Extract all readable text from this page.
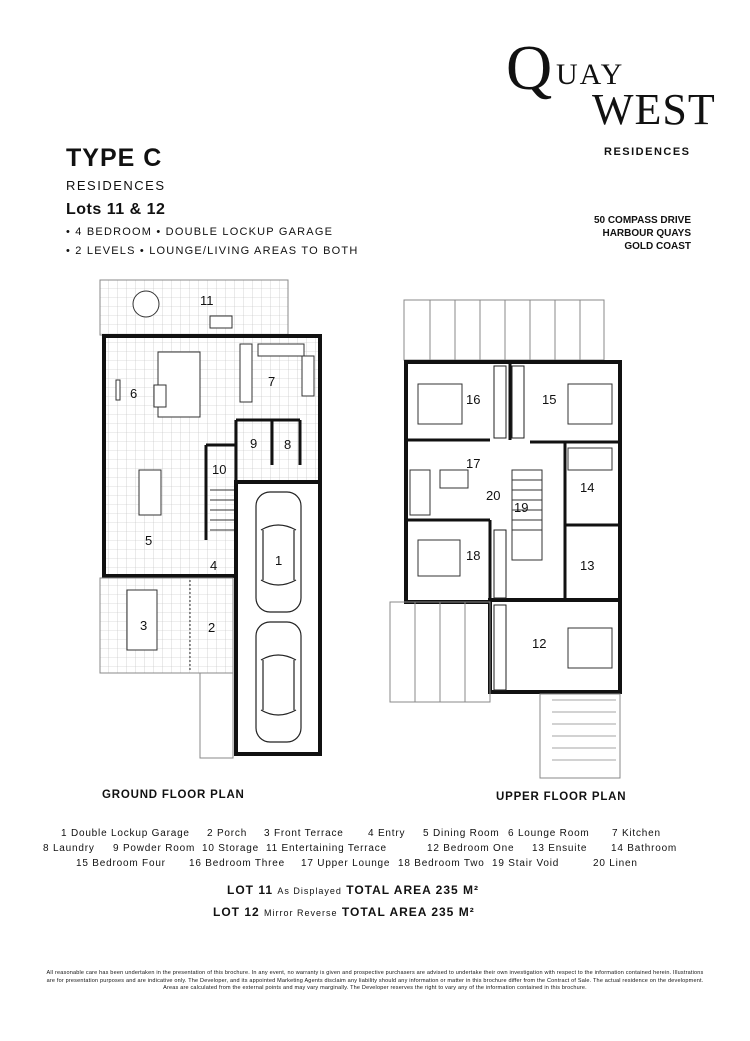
Q UAY
WEST
RESIDENCES
TYPE C
RESIDENCES
Lots 11 & 12
• 4 BEDROOM • DOUBLE LOCKUP GARAGE
• 2 LEVELS • LOUNGE/LIVING AREAS TO BOTH
50 COMPASS DRIVE
HARBOUR QUAYS
GOLD COAST
1
2
3
4
5
6
7
8
9
10
11
12
13
14
15
16
17
18
19
20
GROUND FLOOR PLAN	UPPER FLOOR PLAN
1 Double Lockup Garage 2 Porch 3 Front Terrace 4 Entry 5 Dining Room 6 Lounge Room 7 Kitchen
8 Laundry 9 Powder Room 10 Storage 11 Entertaining Terrace	12 Bedroom One 13 Ensuite 14 Bathroom
15 Bedroom Four 16 Bedroom Three 17 Upper Lounge 18 Bedroom Two 19 Stair Void	20 Linen
LOT 11 As Displayed TOTAL AREA 235 M²
LOT 12 Mirror Reverse TOTAL AREA 235 M²
All reasonable care has been undertaken in the presentation of this brochure. In any event, no warranty is given and prospective purchasers are advised to undertake their own investigation with respect to the information contained herein. Illustrations are for presentation purposes and are indicative only. The Developer, and its appointed Marketing Agents disclaim any liability should any information or matter in this brochure differ from the Contract of Sale. The actual residence on the development. Areas are calculated from the external points and may vary marginally. The Developer reserves the right to vary any of the information contained in this brochure.
